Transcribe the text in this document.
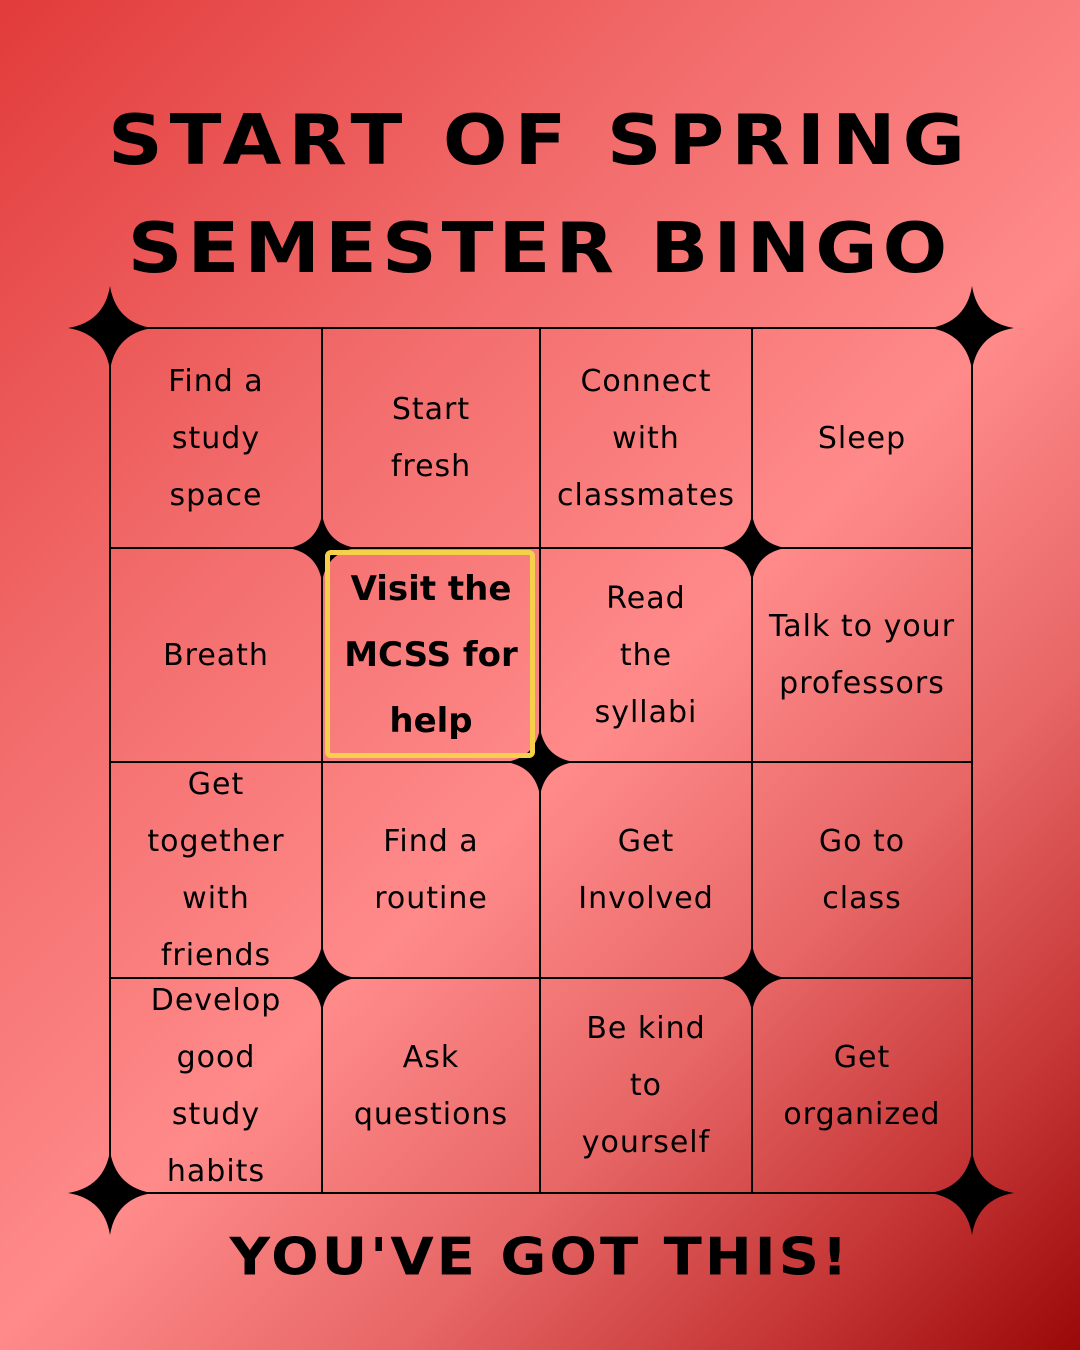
START OF SPRING
SEMESTER BINGO
Find a
study
space
Start
fresh
Connect
with
classmates
Sleep
Breath
Visit the
MCSS for
help
Read
the
syllabi
Talk to your
professors
Get
together
with
friends
Find a
routine
Get
Involved
Go to
class
Develop
good
study
habits
Ask
questions
Be kind
to
yourself
Get
organized
YOU'VE GOT THIS!
